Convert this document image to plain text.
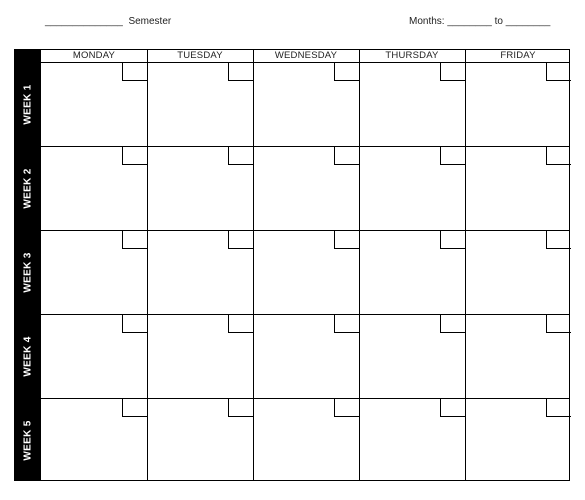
______________ Semester	Months: ________ to ________
MONDAY	TUESDAY	WEDNESDAY	THURSDAY	FRIDAY
WEEK 1
WEEK 2
WEEK 3
WEEK 4
WEEK 5
